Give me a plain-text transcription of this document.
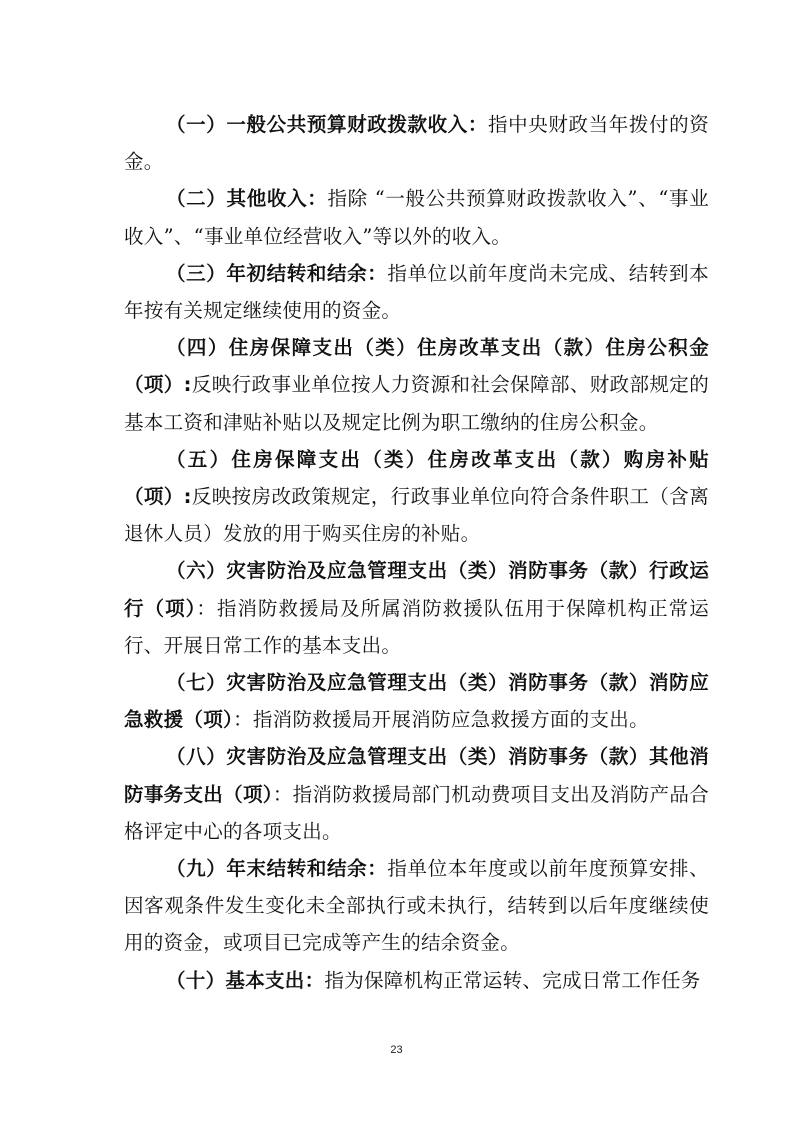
（一）一般公共预算财政拨款收入：指中央财政当年拨付的资金。

（二）其他收入：指除 “一般公共预算财政拨款收入”、“事业收入”、“事业单位经营收入”等以外的收入。

（三）年初结转和结余：指单位以前年度尚未完成、结转到本年按有关规定继续使用的资金。

（四）住房保障支出（类）住房改革支出（款）住房公积金（项）:反映行政事业单位按人力资源和社会保障部、财政部规定的基本工资和津贴补贴以及规定比例为职工缴纳的住房公积金。

（五）住房保障支出（类）住房改革支出（款）购房补贴（项）:反映按房改政策规定，行政事业单位向符合条件职工（含离退休人员）发放的用于购买住房的补贴。

（六）灾害防治及应急管理支出（类）消防事务（款）行政运行（项）：指消防救援局及所属消防救援队伍用于保障机构正常运行、开展日常工作的基本支出。

（七）灾害防治及应急管理支出（类）消防事务（款）消防应急救援（项）：指消防救援局开展消防应急救援方面的支出。

（八）灾害防治及应急管理支出（类）消防事务（款）其他消防事务支出（项）：指消防救援局部门机动费项目支出及消防产品合格评定中心的各项支出。

（九）年末结转和结余：指单位本年度或以前年度预算安排、因客观条件发生变化未全部执行或未执行，结转到以后年度继续使用的资金，或项目已完成等产生的结余资金。

（十）基本支出：指为保障机构正常运转、完成日常工作任务

23
